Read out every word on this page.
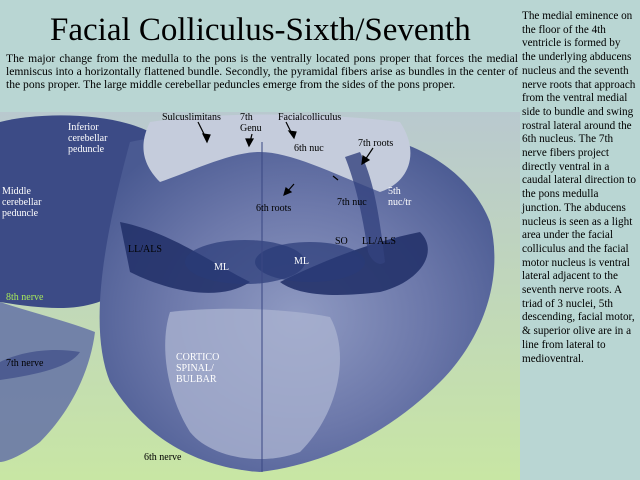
Facial Colliculus-Sixth/Seventh
The major change from the medulla to the pons is the ventrally located pons proper that forces the medial lemniscus into a horizontally flattened bundle. Secondly, the pyramidal fibers arise as bundles in the center of the pons proper. The large middle cerebellar peduncles emerge from the sides of the pons proper.
The medial eminence on the floor of the 4th ventricle is formed by the underlying abducens nucleus and the seventh nerve roots that approach from the ventral medial side to bundle and swing rostral lateral around the 6th nucleus. The 7th nerve fibers project directly ventral in a caudal lateral direction to the pons medulla junction. The abducens nucleus is seen as a light area under the facial colliculus and the facial motor nucleus is ventral lateral adjacent to the seventh nerve roots. A triad of 3 nuclei, 5th descending, facial motor, & superior olive are in a line from lateral to medioventral.
Inferior
cerebellar
peduncle
Sulcuslimitans 7th
Genu
Facialcolliculus
6th nuc	7th roots
Middle
cerebellar
peduncle
5th
nuc/tr
6th roots
7th nuc
SO LL/ALS
LL/ALS
ML
ML
8th nerve
7th nerve
CORTICO
SPINAL/
BULBAR
6th nerve
